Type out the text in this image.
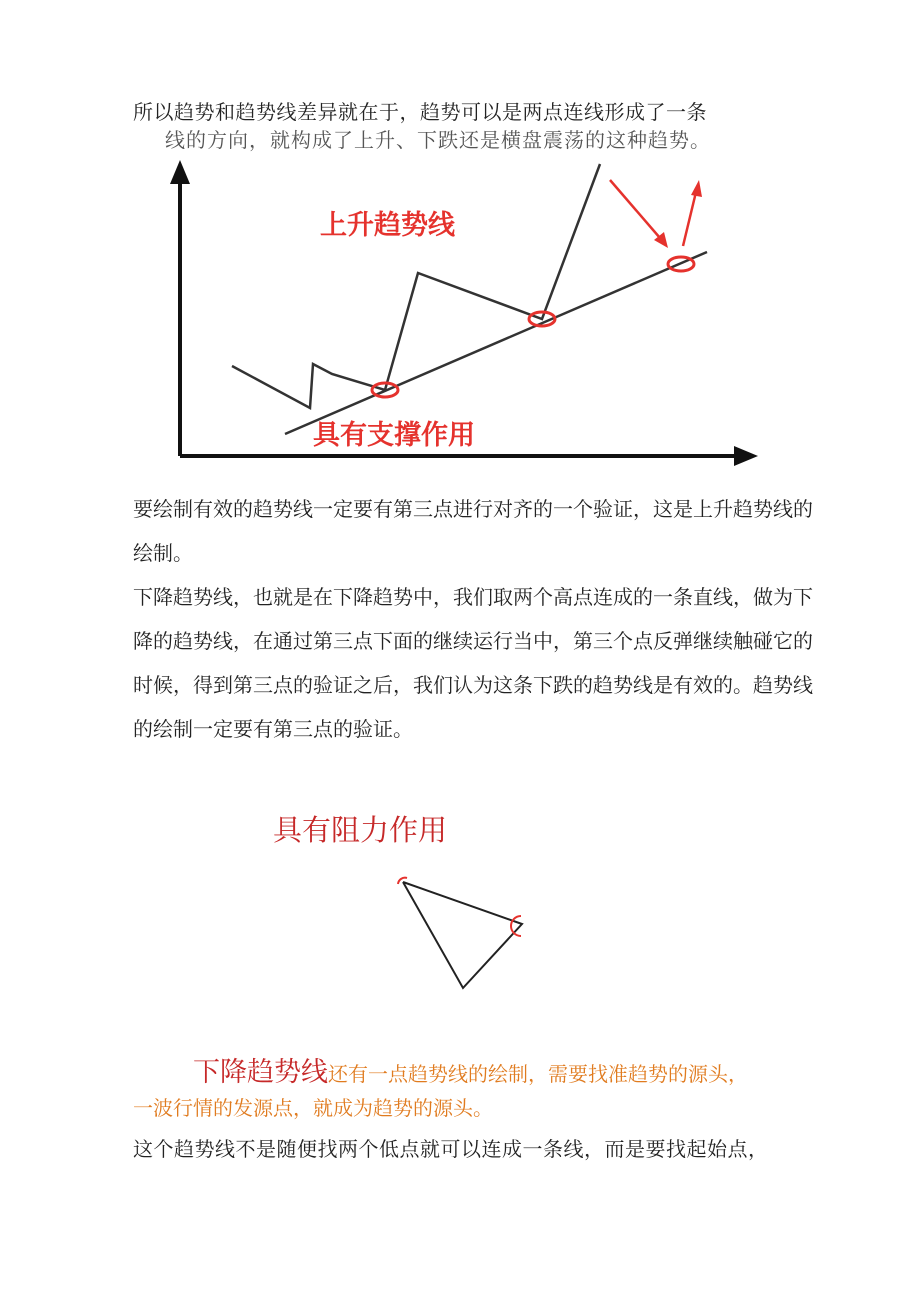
所以趋势和趋势线差异就在于，趋势可以是两点连线形成了一条
线的方向，就构成了上升、下跌还是横盘震荡的这种趋势。
上升趋势线
具有支撑作用
要绘制有效的趋势线一定要有第三点进行对齐的一个验证，这是上升趋势线的绘制。
下降趋势线，也就是在下降趋势中，我们取两个高点连成的一条直线，做为下降的趋势线，在通过第三点下面的继续运行当中，第三个点反弹继续触碰它的时候，得到第三点的验证之后，我们认为这条下跌的趋势线是有效的。趋势线的绘制一定要有第三点的验证。
具有阻力作用
下降趋势线还有一点趋势线的绘制，需要找准趋势的源头，
一波行情的发源点，就成为趋势的源头。
这个趋势线不是随便找两个低点就可以连成一条线，而是要找起始点，
